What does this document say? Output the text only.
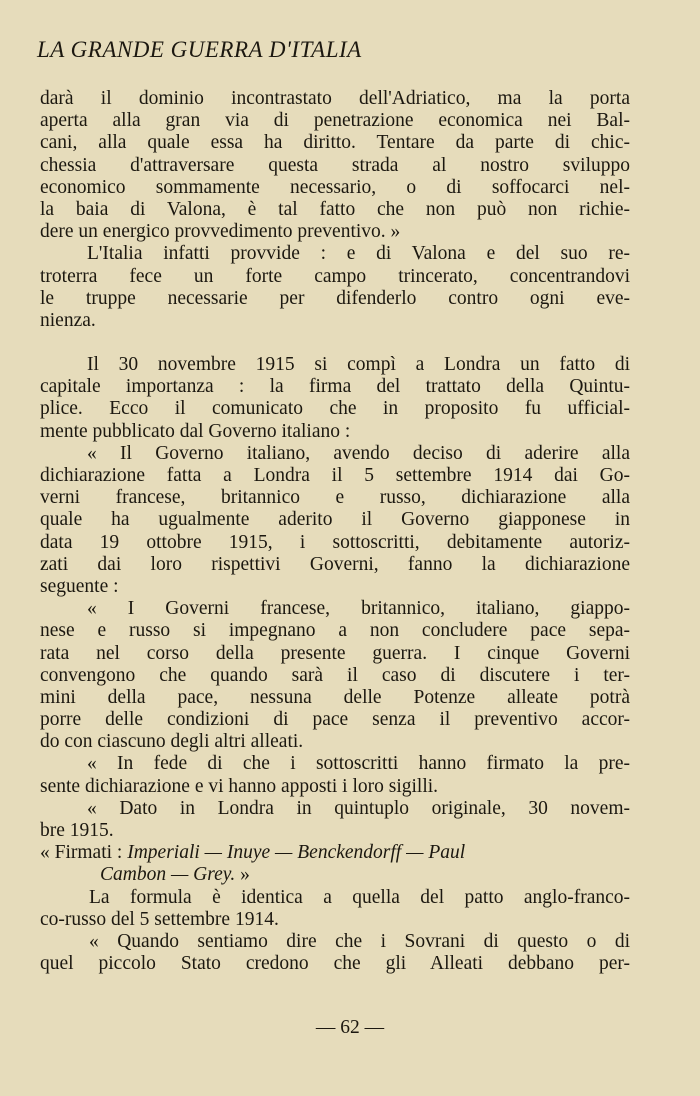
LA GRANDE GUERRA D'ITALIA
darà il dominio incontrastato dell'Adriatico, ma la porta
aperta alla gran via di penetrazione economica nei Bal-
cani, alla quale essa ha diritto. Tentare da parte di chic-
chessia d'attraversare questa strada al nostro sviluppo
economico sommamente necessario, o di soffocarci nel-
la baia di Valona, è tal fatto che non può non richie-
dere un energico provvedimento preventivo. »
L'Italia infatti provvide : e di Valona e del suo re-
troterra fece un forte campo trincerato, concentrandovi
le truppe necessarie per difenderlo contro ogni eve-
nienza.
Il 30 novembre 1915 si compì a Londra un fatto di
capitale importanza : la firma del trattato della Quintu-
plice. Ecco il comunicato che in proposito fu ufficial-
mente pubblicato dal Governo italiano :
« Il Governo italiano, avendo deciso di aderire alla
dichiarazione fatta a Londra il 5 settembre 1914 dai Go-
verni francese, britannico e russo, dichiarazione alla
quale ha ugualmente aderito il Governo giapponese in
data 19 ottobre 1915, i sottoscritti, debitamente autoriz-
zati dai loro rispettivi Governi, fanno la dichiarazione
seguente :
« I Governi francese, britannico, italiano, giappo-
nese e russo si impegnano a non concludere pace sepa-
rata nel corso della presente guerra. I cinque Governi
convengono che quando sarà il caso di discutere i ter-
mini della pace, nessuna delle Potenze alleate potrà
porre delle condizioni di pace senza il preventivo accor-
do con ciascuno degli altri alleati.
« In fede di che i sottoscritti hanno firmato la pre-
sente dichiarazione e vi hanno apposti i loro sigilli.
« Dato in Londra in quintuplo originale, 30 novem-
bre 1915.
« Firmati : Imperiali — Inuye — Benckendorff — Paul
Cambon — Grey. »
La formula è identica a quella del patto anglo-franco-
co-russo del 5 settembre 1914.
« Quando sentiamo dire che i Sovrani di questo o di
quel piccolo Stato credono che gli Alleati debbano per-
— 62 —
